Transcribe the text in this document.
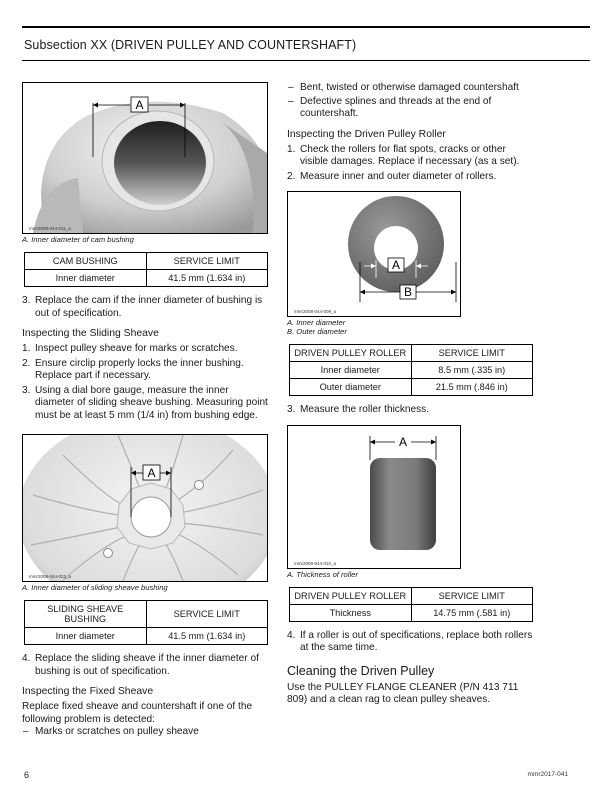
Subsection XX (DRIVEN PULLEY AND COUNTERSHAFT)
A
mmr2008-044-011_a
A. Inner diameter of cam bushing
CAM BUSHING	SERVICE LIMIT
Inner diameter	41.5 mm (1.634 in)
3. Replace the cam if the inner diameter of bushing is out of specification.
Inspecting the Sliding Sheave
1. Inspect pulley sheave for marks or scratches.
2. Ensure circlip properly locks the inner bushing. Replace part if necessary.
3. Using a dial bore gauge, measure the inner diameter of sliding sheave bushing. Measuring point must be at least 5 mm (1/4 in) from bushing edge.
A
mmr2008-044-022_a
A. Inner diameter of sliding sheave bushing
SLIDING SHEAVE BUSHING	SERVICE LIMIT
Inner diameter	41.5 mm (1.634 in)
4. Replace the sliding sheave if the inner diameter of bushing is out of specification.
Inspecting the Fixed Sheave

Replace fixed sheave and countershaft if one of the following problem is detected:

– Marks or scratches on pulley sheave
– Bent, twisted or otherwise damaged countershaft
– Defective splines and threads at the end of countershaft.
Inspecting the Driven Pulley Roller
1. Check the rollers for flat spots, cracks or other visible damages. Replace if necessary (as a set).
2. Measure inner and outer diameter of rollers.
A
B
mmr2008-044-009_a
A. Inner diameter
B. Outer diameter
DRIVEN PULLEY ROLLER	SERVICE LIMIT
Inner diameter	8.5 mm (.335 in)
Outer diameter	21.5 mm (.846 in)
3. Measure the roller thickness.
A
mmr2008-044-010_a
A. Thickness of roller
DRIVEN PULLEY ROLLER	SERVICE LIMIT
Thickness	14.75 mm (.581 in)
4. If a roller is out of specifications, replace both rollers at the same time.
Cleaning the Driven Pulley

Use the PULLEY FLANGE CLEANER (P/N 413 711 809) and a clean rag to clean pulley sheaves.

6	mmr2017-041
